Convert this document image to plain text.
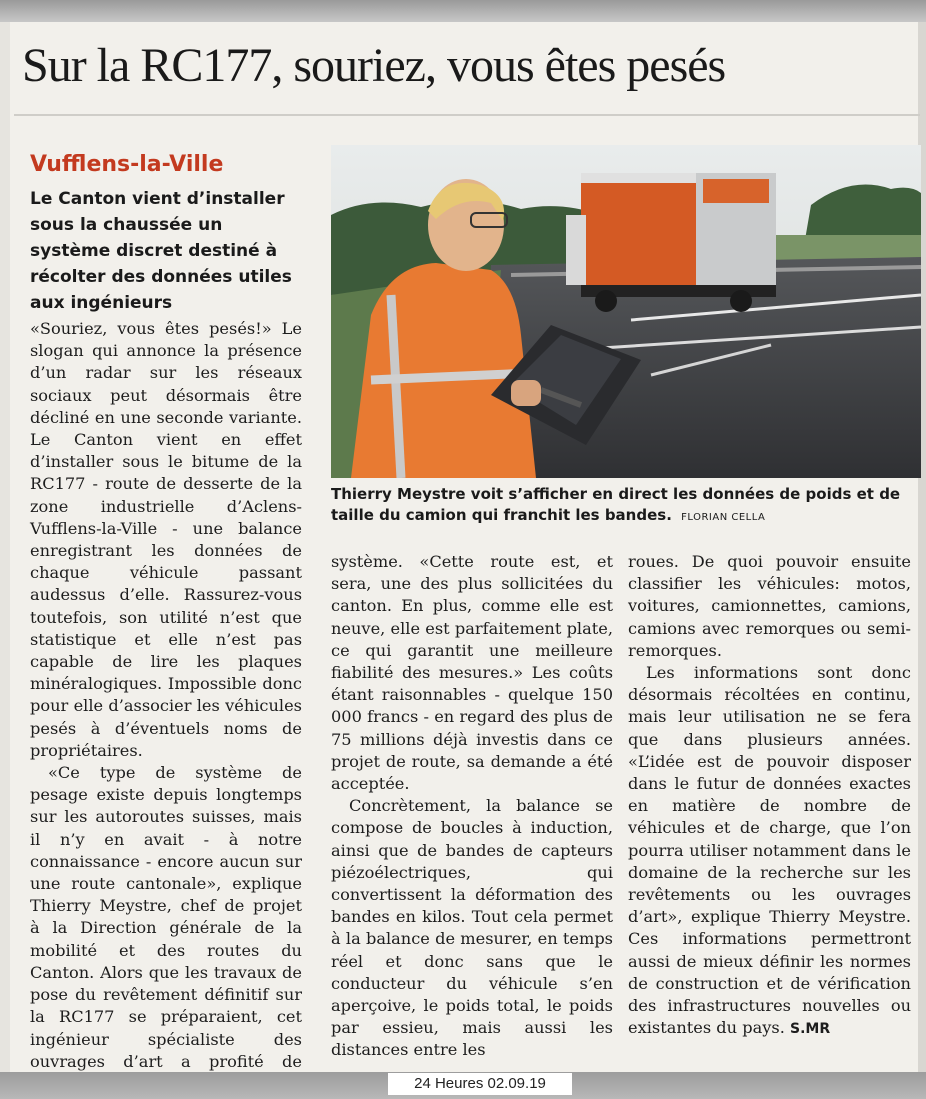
Sur la RC177, souriez, vous êtes pesés
Vufflens-la-Ville
Le Canton vient d’installer sous la chaussée un système discret destiné à récolter des données utiles aux ingénieurs

«Souriez, vous êtes pesés!» Le slogan qui annonce la présence d’un radar sur les réseaux sociaux peut désormais être décliné en une seconde variante. Le Canton vient en effet d’installer sous le bitume de la RC177 - route de desserte de la zone industrielle d’Aclens-Vufflens-la-Ville - une balance enregistrant les données de chaque véhicule passant audessus d’elle. Rassurez-vous toutefois, son utilité n’est que statistique et elle n’est pas capable de lire les plaques minéralogiques. Impossible donc pour elle d’associer les véhicules pesés à d’éventuels noms de propriétaires.

«Ce type de système de pesage existe depuis longtemps sur les autoroutes suisses, mais il n’y en avait - à notre connaissance - encore aucun sur une route cantonale», explique Thierry Meystre, chef de projet à la Direction générale de la mobilité et des routes du Canton. Alors que les travaux de pose du revêtement définitif sur la RC177 se préparaient, cet ingénieur spécialiste des ouvrages d’art a profité de

Thierry Meystre voit s’afficher en direct les données de poids et de taille du camion qui franchit les bandes. FLORIAN CELLA

système. «Cette route est, et sera, une des plus sollicitées du canton. En plus, comme elle est neuve, elle est parfaitement plate, ce qui garantit une meilleure fiabilité des mesures.» Les coûts étant raisonnables - quelque 150 000 francs - en regard des plus de 75 millions déjà investis dans ce projet de route, sa demande a été acceptée.

Concrètement, la balance se compose de boucles à induction, ainsi que de bandes de capteurs piézoélectriques, qui convertissent la déformation des bandes en kilos. Tout cela permet à la balance de mesurer, en temps réel et donc sans que le conducteur du véhicule s’en aperçoive, le poids total, le poids par essieu, mais aussi les distances entre les

roues. De quoi pouvoir ensuite classifier les véhicules: motos, voitures, camionnettes, camions, camions avec remorques ou semi-remorques.

Les informations sont donc désormais récoltées en continu, mais leur utilisation ne se fera que dans plusieurs années. «L’idée est de pouvoir disposer dans le futur de données exactes en matière de nombre de véhicules et de charge, que l’on pourra utiliser notamment dans le domaine de la recherche sur les revêtements ou les ouvrages d’art», explique Thierry Meystre. Ces informations permettront aussi de mieux définir les normes de construction et de vérification des infrastructures nouvelles ou existantes du pays. S.MR

24 Heures 02.09.19
